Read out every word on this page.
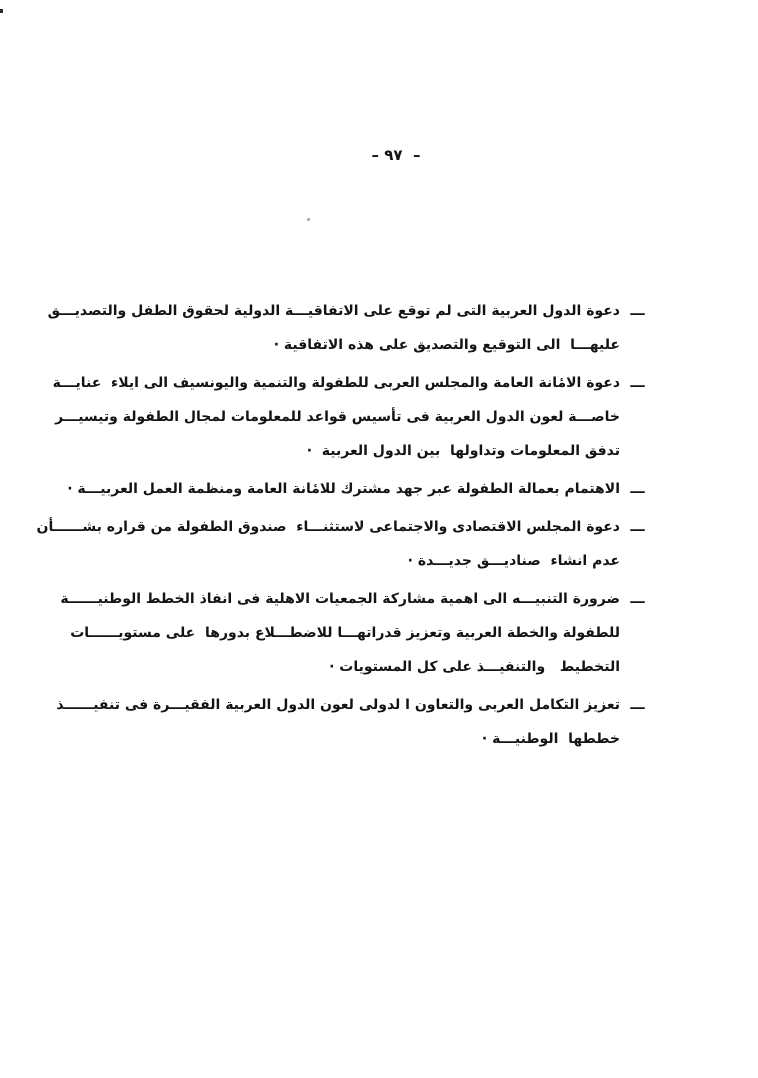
– ٩٧  –
ـــ
دعوة الدول العربية التى لم توقع على الاتفاقيـــة الدولية لحقوق الطفل والتصديـــق
عليهـــا  الى التوقيع والتصديق على هذه الاتفاقية ·
ـــ
دعوة الامٔانة العامة والمجلس العربى للطفولة والتنمية واليونسيف الى ايلاء  عنايـــة
خاصـــة لعون الدول العربية فى تأسيس قواعد للمعلومات لمجال الطفولة وتيسيـــر
تدفق المعلومات وتداولها  بين الدول العربية  ·
ـــ
الاهتمام بعمالة الطفولة عبر جهد مشترك للامٔانة العامة ومنظمة العمل العربيـــة ·
ـــ
دعوة المجلس الاقتصادى والاجتماعى لاستثنـــاء  صندوق الطفولة من قراره بشــــــأن
عدم انشاء  صناديـــق جديـــدة ·
ـــ
ضرورة التنبيـــه الى اهمية مشاركة الجمعيات الاهلية فى انفاذ الخطط الوطنيــــــة
للطفولة والخطة العربية وتعزيز قدراتهـــا للاضطـــلاع بدورها  على مستويــــــات
التخطيط   والتنفيـــذ على كل المستويات ·
ـــ
تعزيز التكامل العربى والتعاون ا لدولى لعون الدول العربية الفقيـــرة فى تنفيــــــذ
خططها  الوطنيـــة ·
